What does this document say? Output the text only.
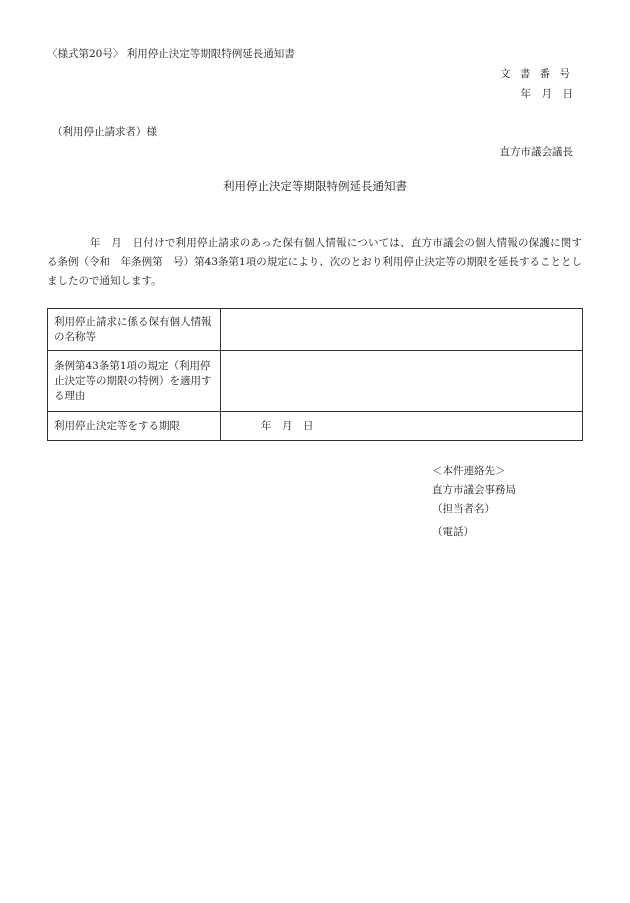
〈様式第20号〉 利用停止決定等期限特例延長通知書
文 書 番 号
年　月　日
（利用停止請求者）様
直方市議会議長
利用停止決定等期限特例延長通知書
　　　　年　月　日付けで利用停止請求のあった保有個人情報については、直方市議会の個人情報の保護に関する条例（令和　年条例第　号）第43条第1項の規定により、次のとおり利用停止決定等の期限を延長することとしましたので通知します。
利用停止請求に係る保有個人情報の名称等	
条例第43条第1項の規定（利用停止決定等の期限の特例）を適用する理由	
利用停止決定等をする期限	年　月　日
＜本件連絡先＞
直方市議会事務局
（担当者名）
（電話）
